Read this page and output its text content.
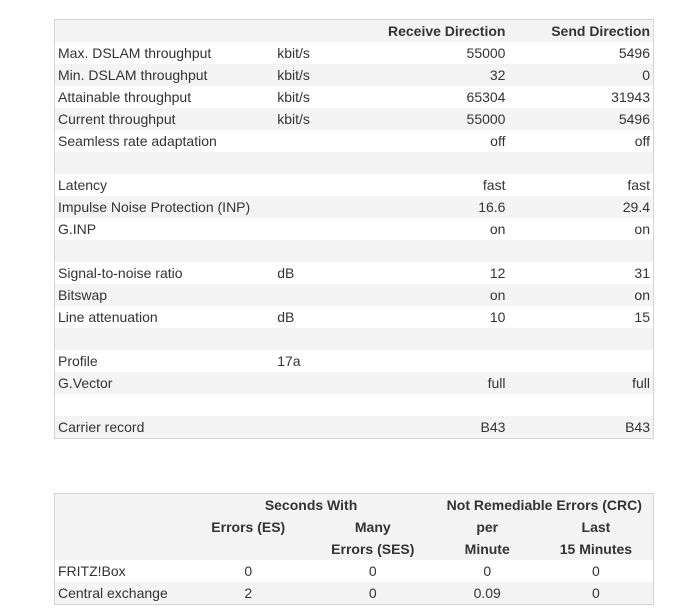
		Receive Direction	Send Direction
Max. DSLAM throughput	kbit/s	55000	5496
Min. DSLAM throughput	kbit/s	32	0
Attainable throughput	kbit/s	65304	31943
Current throughput	kbit/s	55000	5496
Seamless rate adaptation		off	off

Latency		fast	fast
Impulse Noise Protection (INP)		16.6	29.4
G.INP		on	on

Signal-to-noise ratio	dB	12	31
Bitswap		on	on
Line attenuation	dB	10	15

Profile	17a		
G.Vector		full	full

Carrier record		B43	B43
	Seconds With		Not Remediable Errors (CRC)	
	Errors (ES)	Many	per	Last
		Errors (SES)	Minute	15 Minutes
FRITZ!Box	0	0	0	0
Central exchange	2	0	0.09	0
